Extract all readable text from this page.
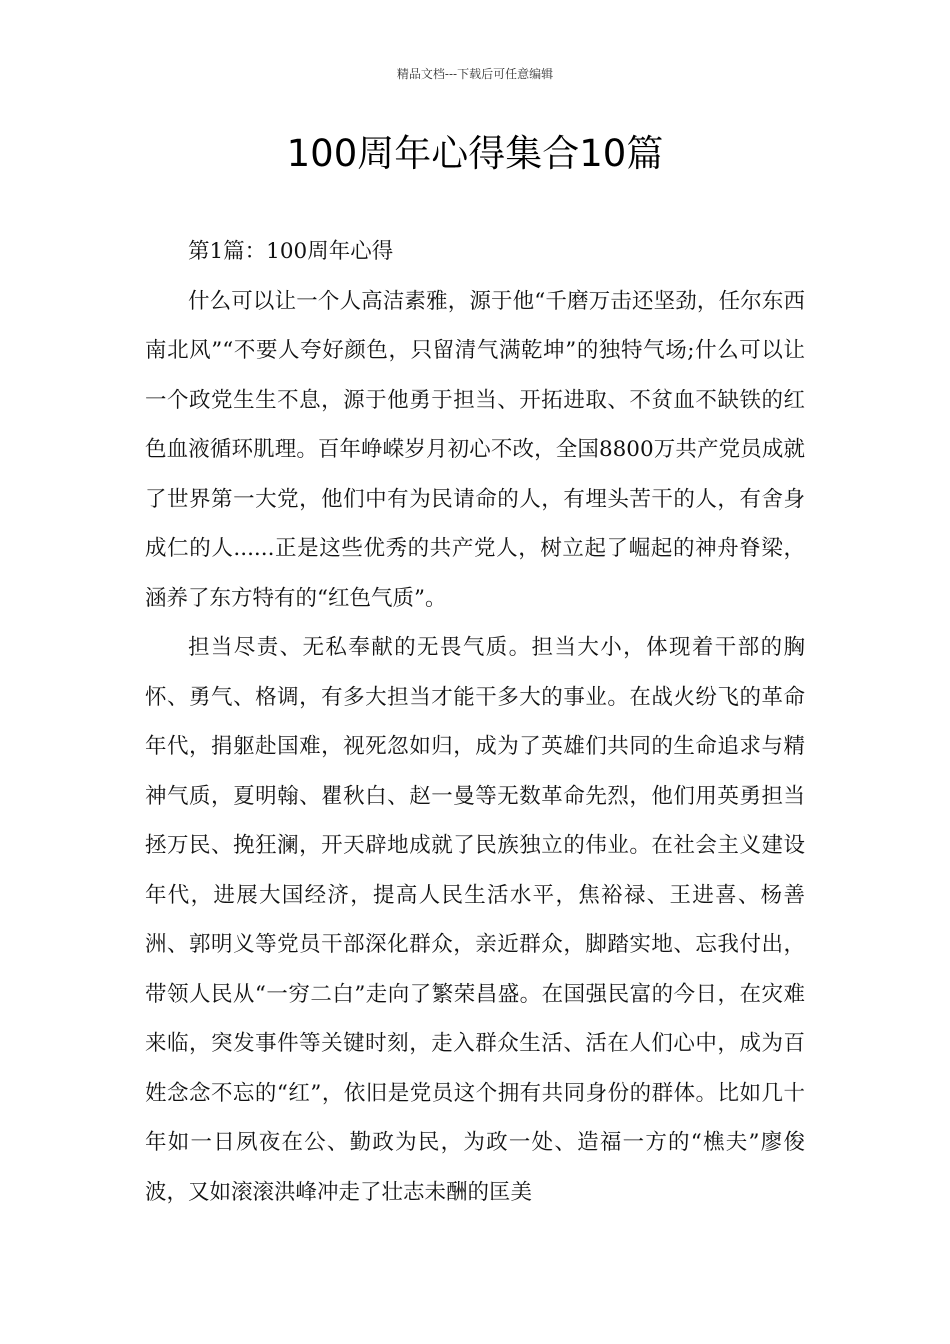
精品文档---下载后可任意编辑
100周年心得集合10篇

第1篇：100周年心得

什么可以让一个人高洁素雅，源于他“千磨万击还坚劲，任尔东西南北风”“不要人夸好颜色，只留清气满乾坤”的独特气场;什么可以让一个政党生生不息，源于他勇于担当、开拓进取、不贫血不缺铁的红色血液循环肌理。百年峥嵘岁月初心不改，全国8800万共产党员成就了世界第一大党，他们中有为民请命的人，有埋头苦干的人，有舍身成仁的人......正是这些优秀的共产党人，树立起了崛起的神舟脊梁，涵养了东方特有的“红色气质”。

担当尽责、无私奉献的无畏气质。担当大小，体现着干部的胸怀、勇气、格调，有多大担当才能干多大的事业。在战火纷飞的革命年代，捐躯赴国难，视死忽如归，成为了英雄们共同的生命追求与精神气质，夏明翰、瞿秋白、赵一曼等无数革命先烈，他们用英勇担当拯万民、挽狂澜，开天辟地成就了民族独立的伟业。在社会主义建设年代，进展大国经济，提高人民生活水平，焦裕禄、王进喜、杨善洲、郭明义等党员干部深化群众，亲近群众，脚踏实地、忘我付出，带领人民从“一穷二白”走向了繁荣昌盛。在国强民富的今日，在灾难来临，突发事件等关键时刻，走入群众生活、活在人们心中，成为百姓念念不忘的“红”，依旧是党员这个拥有共同身份的群体。比如几十年如一日夙夜在公、勤政为民，为政一处、造福一方的“樵夫”廖俊波，又如滚滚洪峰冲走了壮志未酬的匡美
